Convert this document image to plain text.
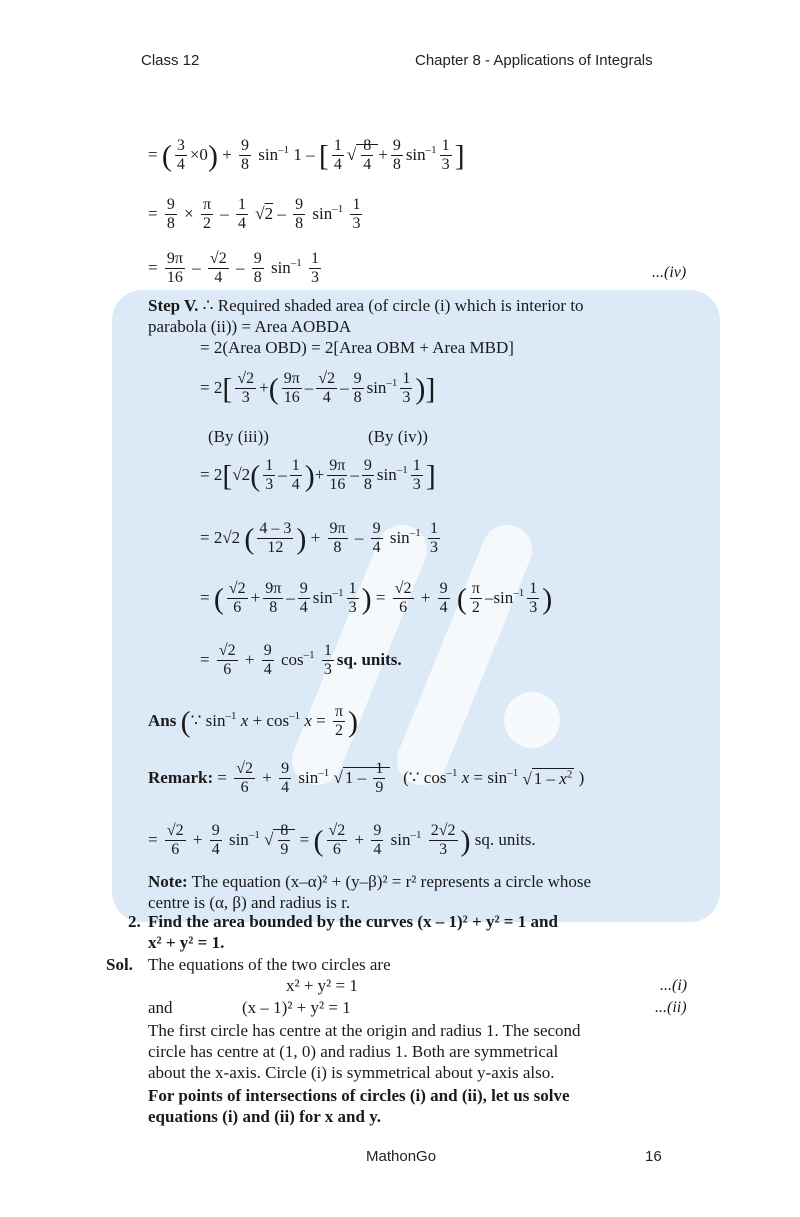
Class 12	Chapter 8 - Applications of Integrals
= ( $\frac{3}{4} \times 0) + \frac{9}{8} \sin^{-1} 1$ – [ $\frac{1}{4}$ √ $\frac{8}{4} + \frac{9}{8} \sin^{-1} \frac{1}{3}$ ]
= $\frac{9}{8} \times \frac{\pi}{2} - \frac{1}{4} √2 - \frac{9}{8} \sin^{-1} \frac{1}{3}$
= $\frac{9\pi}{16} - \frac{√2}{4} - \frac{9}{8} \sin^{-1} \frac{1}{3}$	...(iv)
Step V. ∴ Required shaded area (of circle (i) which is interior to
parabola (ii)) = Area AOBDA
= 2(Area OBD) = 2[Area OBM + Area MBD]
= $2[ \frac{√2}{3}$ +( $\frac{9\pi}{16} - \frac{√2}{4} - \frac{9}{8} \sin^{-1} \frac{1}{3}$ )]
(By (iii))	(By (iv))
= $2[√2( \frac{1}{3} - \frac{1}{4}$ )+ $\frac{9\pi}{16} - \frac{9}{8} \sin^{-1} \frac{1}{3}$ ]
= 2√2 ( $\frac{4 - 3}{12}$ ) + $\frac{9\pi}{8} - \frac{9}{4} \sin^{-1} \frac{1}{3}$
= ( $\frac{√2}{6} + \frac{9\pi}{8} - \frac{9}{4} \sin^{-1} \frac{1}{3}$ ) = $\frac{√2}{6} + \frac{9}{4}$ ( $\frac{\pi}{2} -\sin^{-1} \frac{1}{3}$ )
= $\frac{√2}{6} + \frac{9}{4} \cos^{-1} \frac{1}{3}$ sq. units.
Ans (∵ $\sin^{-1} x + \cos^{-1} x = \frac{\pi}{2}$ )
Remark: = $\frac{√2}{6} + \frac{9}{4} \sin^{-1}$ √ $1 - \frac{1}{9}$ (∵ $\cos^{-1} x = \sin^{-1}$ √ $1 - x^2$ )
= $\frac{√2}{6} + \frac{9}{4} \sin^{-1}$ √ $\frac{8}{9}$ = ( $\frac{√2}{6} + \frac{9}{4} \sin^{-1} \frac{2√2}{3}$ ) sq. units.
Note: The equation (x–α)² + (y–β)² = r² represents a circle whose
centre is (α, β) and radius is r.
2. Find the area bounded by the curves (x – 1)² + y² = 1 and
x² + y² = 1.
Sol. The equations of the two circles are
x² + y² = 1	...(i)
and	(x – 1)² + y² = 1	...(ii)
The first circle has centre at the origin and radius 1. The second
circle has centre at (1, 0) and radius 1. Both are symmetrical
about the x-axis. Circle (i) is symmetrical about y-axis also.
For points of intersections of circles (i) and (ii), let us solve
equations (i) and (ii) for x and y.
MathonGo	16
